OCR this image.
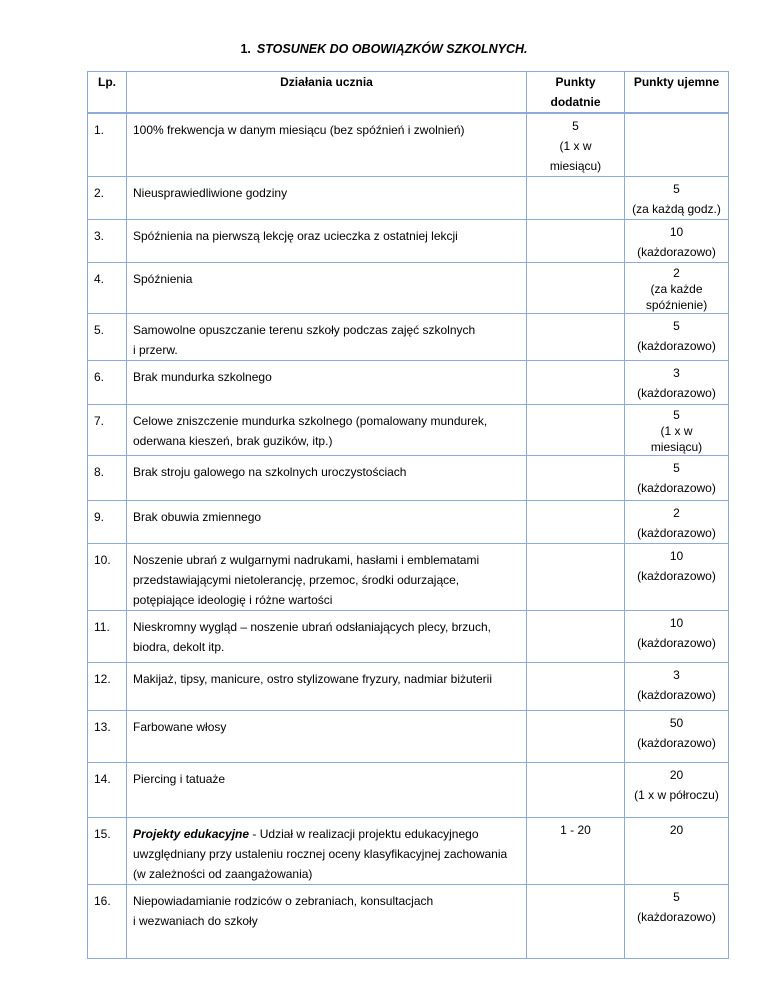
1. STOSUNEK DO OBOWIĄZKÓW SZKOLNYCH.
Lp.	Działania ucznia	Punkty
dodatnie	Punkty ujemne
1.	100% frekwencja w danym miesiącu (bez spóźnień i zwolnień)	5
(1 x w
miesiącu)	

2.	Nieusprawiedliwione godziny		5
(za każdą godz.)

3.	Spóźnienia na pierwszą lekcję oraz ucieczka z ostatniej lekcji		10
(każdorazowo)

4.	Spóźnienia		2
(za każde
spóźnienie)

5.	Samowolne opuszczanie terenu szkoły podczas zajęć szkolnych
i przerw.		5
(każdorazowo)

6.	Brak mundurka szkolnego		3
(każdorazowo)

7.	Celowe zniszczenie mundurka szkolnego (pomalowany mundurek, oderwana kieszeń, brak guzików, itp.)		5
(1 x w
miesiącu)

8.	Brak stroju galowego na szkolnych uroczystościach		5
(każdorazowo)

9.	Brak obuwia zmiennego		2
(każdorazowo)

10.	Noszenie ubrań z wulgarnymi nadrukami, hasłami i emblematami przedstawiającymi nietolerancję, przemoc, środki odurzające, potępiające ideologię i różne wartości		10
(każdorazowo)

11.	Nieskromny wygląd – noszenie ubrań odsłaniających plecy, brzuch, biodra, dekolt itp.		10
(każdorazowo)

12.	Makijaż, tipsy, manicure, ostro stylizowane fryzury, nadmiar biżuterii		3
(każdorazowo)

13.	Farbowane włosy		50
(każdorazowo)

14.	Piercing i tatuaże		20
(1 x w półroczu)

15.	Projekty edukacyjne - Udział w realizacji projektu edukacyjnego uwzględniany przy ustaleniu rocznej oceny klasyfikacyjnej zachowania (w zależności od zaangażowania)	1 - 20	20

16.	Niepowiadamianie rodziców o zebraniach, konsultacjach
i wezwaniach do szkoły		5
(każdorazowo)
